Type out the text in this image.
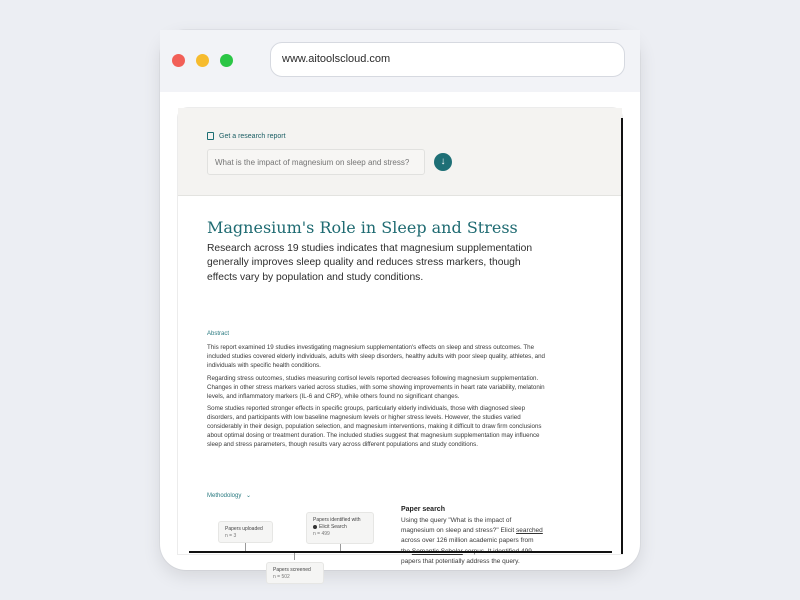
www.aitoolscloud.com
Get a research report
What is the impact of magnesium on sleep and stress?
↓
Magnesium's Role in Sleep and Stress
Research across 19 studies indicates that magnesium supplementation generally improves sleep quality and reduces stress markers, though effects vary by population and study conditions.
Abstract

This report examined 19 studies investigating magnesium supplementation's effects on sleep and stress outcomes. The included studies covered elderly individuals, adults with sleep disorders, healthy adults with poor sleep quality, athletes, and individuals with specific health conditions.

Regarding stress outcomes, studies measuring cortisol levels reported decreases following magnesium supplementation. Changes in other stress markers varied across studies, with some showing improvements in heart rate variability, melatonin levels, and inflammatory markers (IL-6 and CRP), while others found no significant changes.

Some studies reported stronger effects in specific groups, particularly elderly individuals, those with diagnosed sleep disorders, and participants with low baseline magnesium levels or higher stress levels. However, the studies varied considerably in their design, population selection, and magnesium interventions, making it difficult to draw firm conclusions about optimal dosing or treatment duration. The included studies suggest that magnesium supplementation may influence sleep and stress parameters, though results vary across different populations and study conditions.

Methodology ⌄
Papers uploaded
n = 3
Papers identified with
Elicit Search
n = 499
Papers screened
n = 502
Paper search
Using the query "What is the impact of magnesium on sleep and stress?" Elicit searched across over 126 million academic papers from papers that potentially address the query.
